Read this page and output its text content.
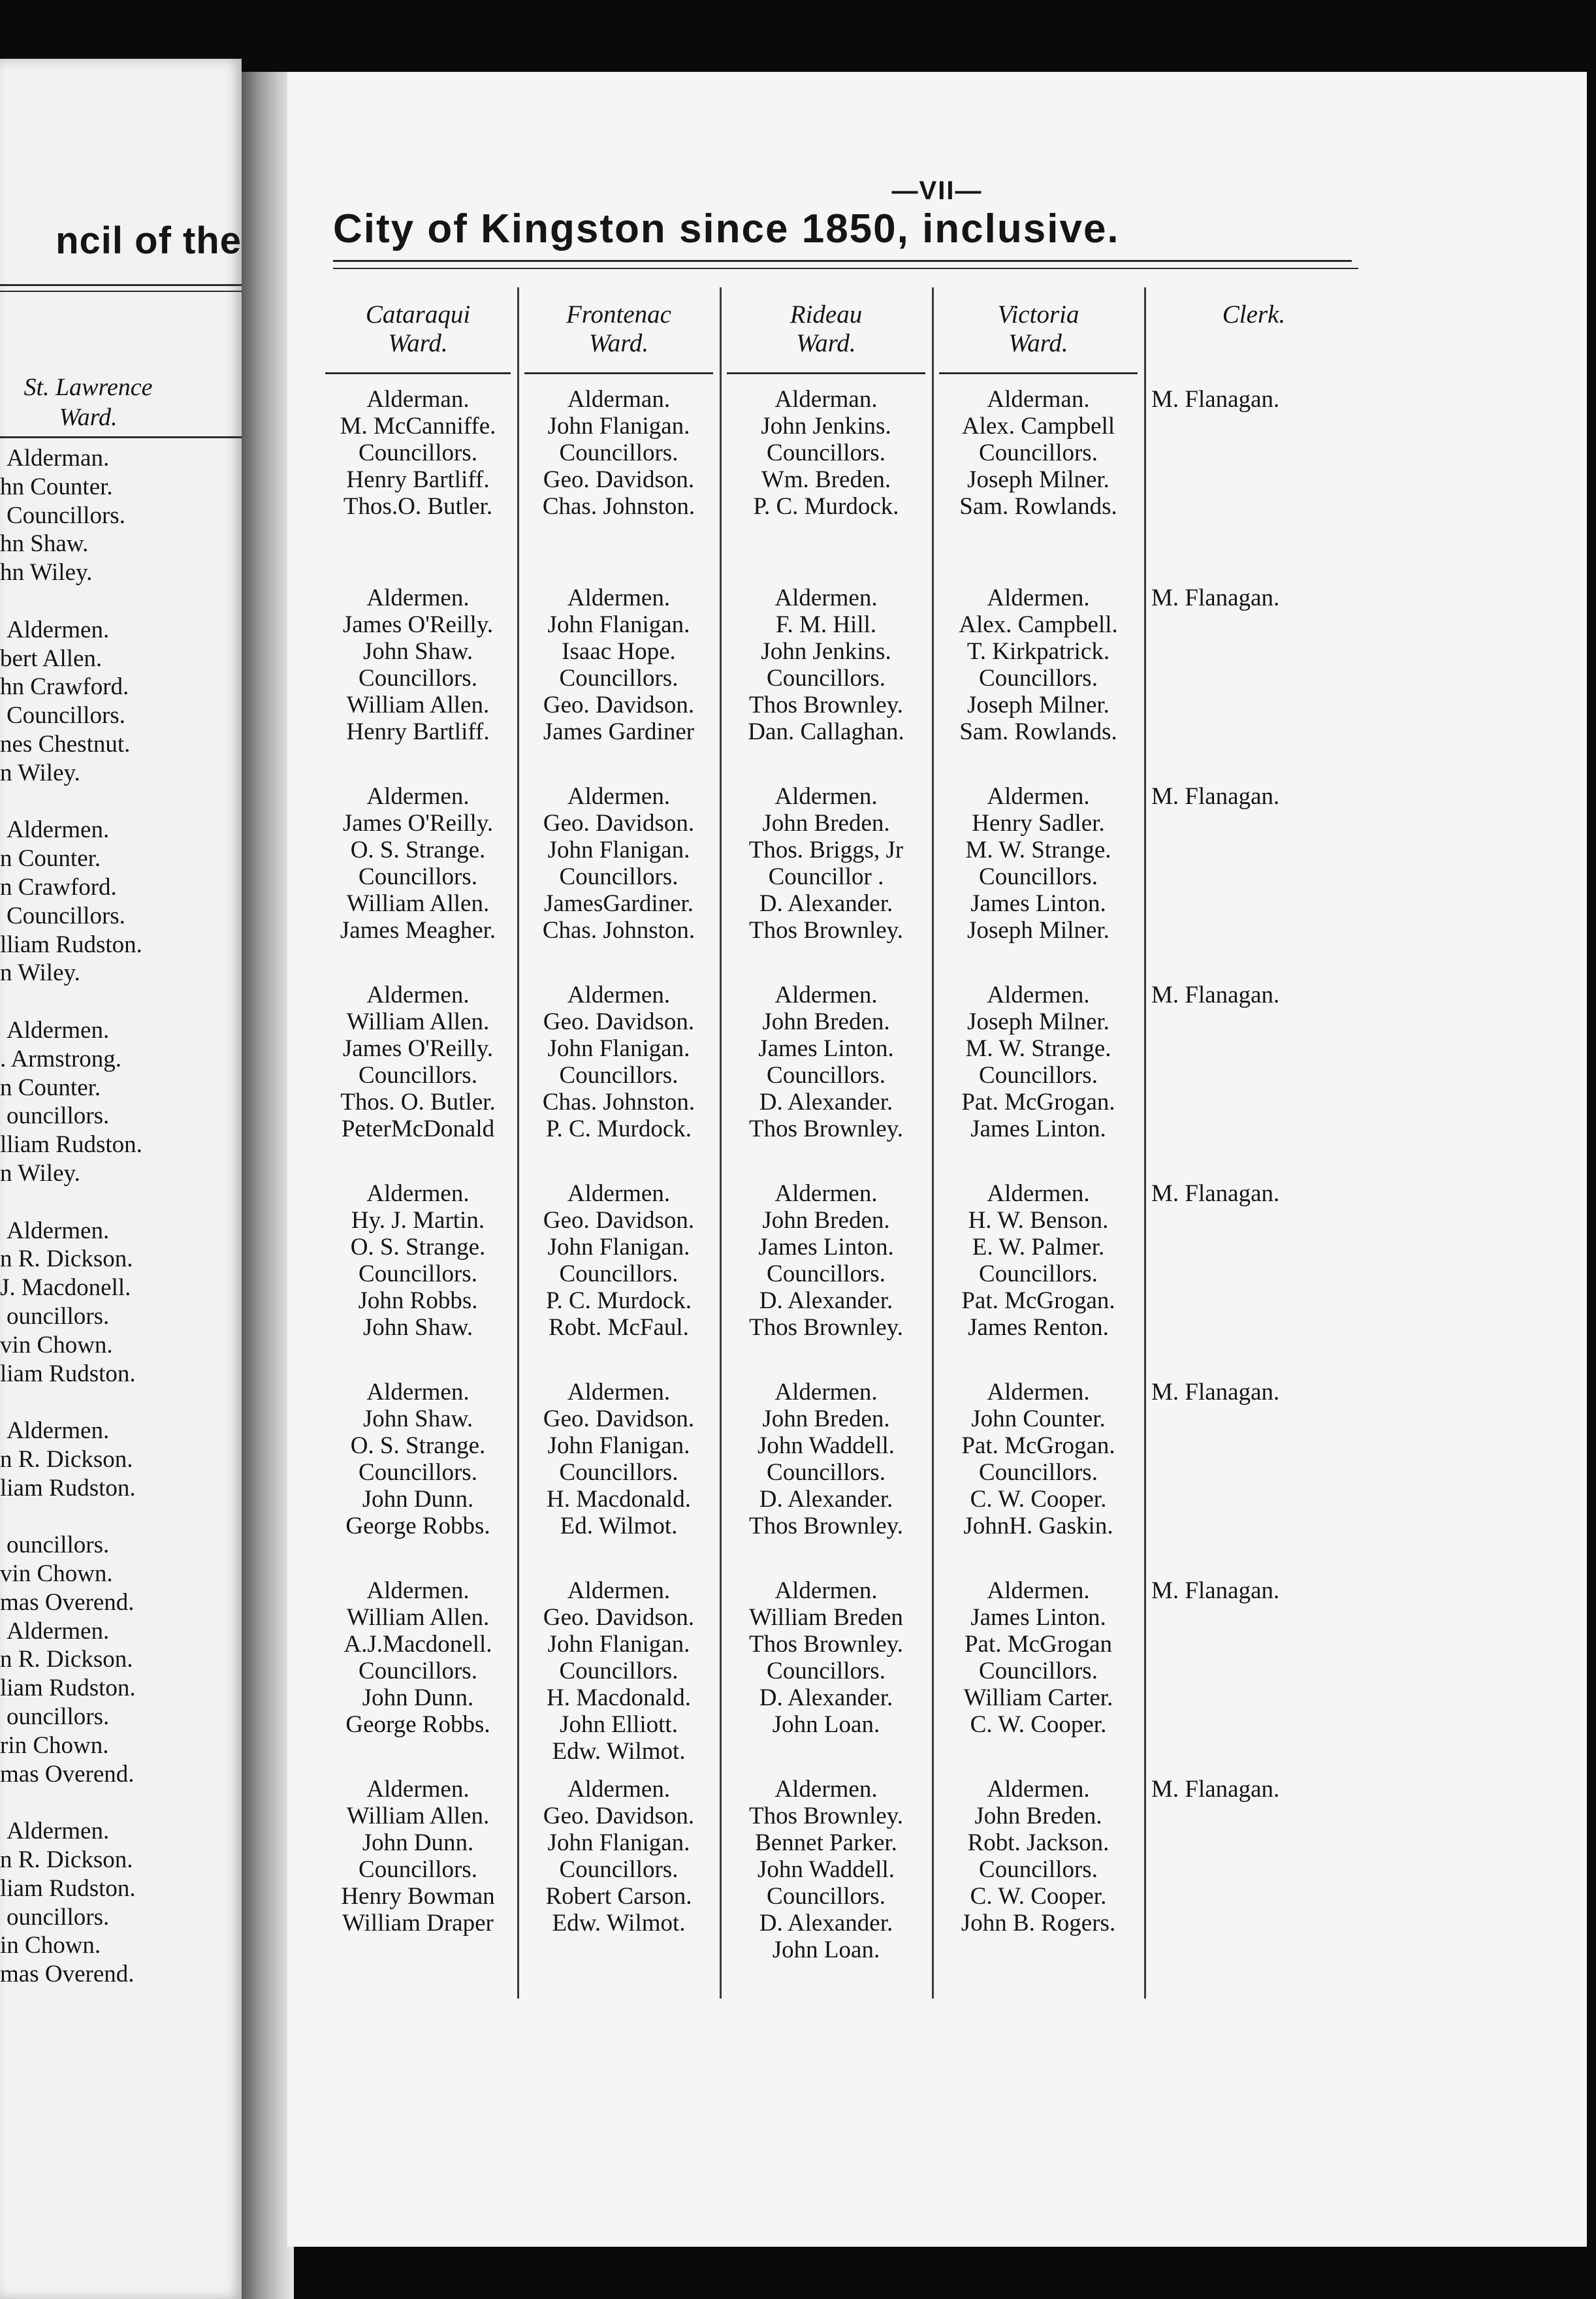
ncil of the
St. Lawrence
Ward.
Alderman.
hn Counter.
Councillors.
hn Shaw.
hn Wiley.

Aldermen.
bert Allen.
hn Crawford.
Councillors.
nes Chestnut.
n Wiley.

Aldermen.
n Counter.
n Crawford.
Councillors.
lliam Rudston.
n Wiley.

Aldermen.
. Armstrong.
n Counter.
ouncillors.
lliam Rudston.
n Wiley.

Aldermen.
n R. Dickson.
J. Macdonell.
ouncillors.
vin Chown.
liam Rudston.

Aldermen.
n R. Dickson.
liam Rudston.

ouncillors.
vin Chown.
mas Overend.
Aldermen.
n R. Dickson.
liam Rudston.
ouncillors.
rin Chown.
mas Overend.

Aldermen.
n R. Dickson.
liam Rudston.
ouncillors.
in Chown.
mas Overend.
—VII—
City of Kingston since 1850, inclusive.
Cataraqui
Ward.
Alderman.
M. McCanniffe.
Councillors.
Henry Bartliff.
Thos.O. Butler.
Aldermen.
James O'Reilly.
John Shaw.
Councillors.
William Allen.
Henry Bartliff.
Aldermen.
James O'Reilly.
O. S. Strange.
Councillors.
William Allen.
James Meagher.
Aldermen.
William Allen.
James O'Reilly.
Councillors.
Thos. O. Butler.
PeterMcDonald
Aldermen.
Hy. J. Martin.
O. S. Strange.
Councillors.
John Robbs.
John Shaw.
Aldermen.
John Shaw.
O. S. Strange.
Councillors.
John Dunn.
George Robbs.
Aldermen.
William Allen.
A.J.Macdonell.
Councillors.
John Dunn.
George Robbs.
Aldermen.
William Allen.
John Dunn.
Councillors.
Henry Bowman
William Draper
Frontenac
Ward.
Alderman.
John Flanigan.
Councillors.
Geo. Davidson.
Chas. Johnston.
Aldermen.
John Flanigan.
Isaac Hope.
Councillors.
Geo. Davidson.
James Gardiner
Aldermen.
Geo. Davidson.
John Flanigan.
Councillors.
JamesGardiner.
Chas. Johnston.
Aldermen.
Geo. Davidson.
John Flanigan.
Councillors.
Chas. Johnston.
P. C. Murdock.
Aldermen.
Geo. Davidson.
John Flanigan.
Councillors.
P. C. Murdock.
Robt. McFaul.
Aldermen.
Geo. Davidson.
John Flanigan.
Councillors.
H. Macdonald.
Ed. Wilmot.
Aldermen.
Geo. Davidson.
John Flanigan.
Councillors.
H. Macdonald.
John Elliott.
Edw. Wilmot.
Aldermen.
Geo. Davidson.
John Flanigan.
Councillors.
Robert Carson.
Edw. Wilmot.
Rideau
Ward.
Alderman.
John Jenkins.
Councillors.
Wm. Breden.
P. C. Murdock.
Aldermen.
F. M. Hill.
John Jenkins.
Councillors.
Thos Brownley.
Dan. Callaghan.
Aldermen.
John Breden.
Thos. Briggs, Jr
Councillor .
D. Alexander.
Thos Brownley.
Aldermen.
John Breden.
James Linton.
Councillors.
D. Alexander.
Thos Brownley.
Aldermen.
John Breden.
James Linton.
Councillors.
D. Alexander.
Thos Brownley.
Aldermen.
John Breden.
John Waddell.
Councillors.
D. Alexander.
Thos Brownley.
Aldermen.
William Breden
Thos Brownley.
Councillors.
D. Alexander.
John Loan.
Aldermen.
Thos Brownley.
Bennet Parker.
John Waddell.
Councillors.
D. Alexander.
John Loan.
Victoria
Ward.
Alderman.
Alex. Campbell
Councillors.
Joseph Milner.
Sam. Rowlands.
Aldermen.
Alex. Campbell.
T. Kirkpatrick.
Councillors.
Joseph Milner.
Sam. Rowlands.
Aldermen.
Henry Sadler.
M. W. Strange.
Councillors.
James Linton.
Joseph Milner.
Aldermen.
Joseph Milner.
M. W. Strange.
Councillors.
Pat. McGrogan.
James Linton.
Aldermen.
H. W. Benson.
E. W. Palmer.
Councillors.
Pat. McGrogan.
James Renton.
Aldermen.
John Counter.
Pat. McGrogan.
Councillors.
C. W. Cooper.
JohnH. Gaskin.
Aldermen.
James Linton.
Pat. McGrogan
Councillors.
William Carter.
C. W. Cooper.
Aldermen.
John Breden.
Robt. Jackson.
Councillors.
C. W. Cooper.
John B. Rogers.
Clerk.
M. Flanagan.
M. Flanagan.
M. Flanagan.
M. Flanagan.
M. Flanagan.
M. Flanagan.
M. Flanagan.
M. Flanagan.
